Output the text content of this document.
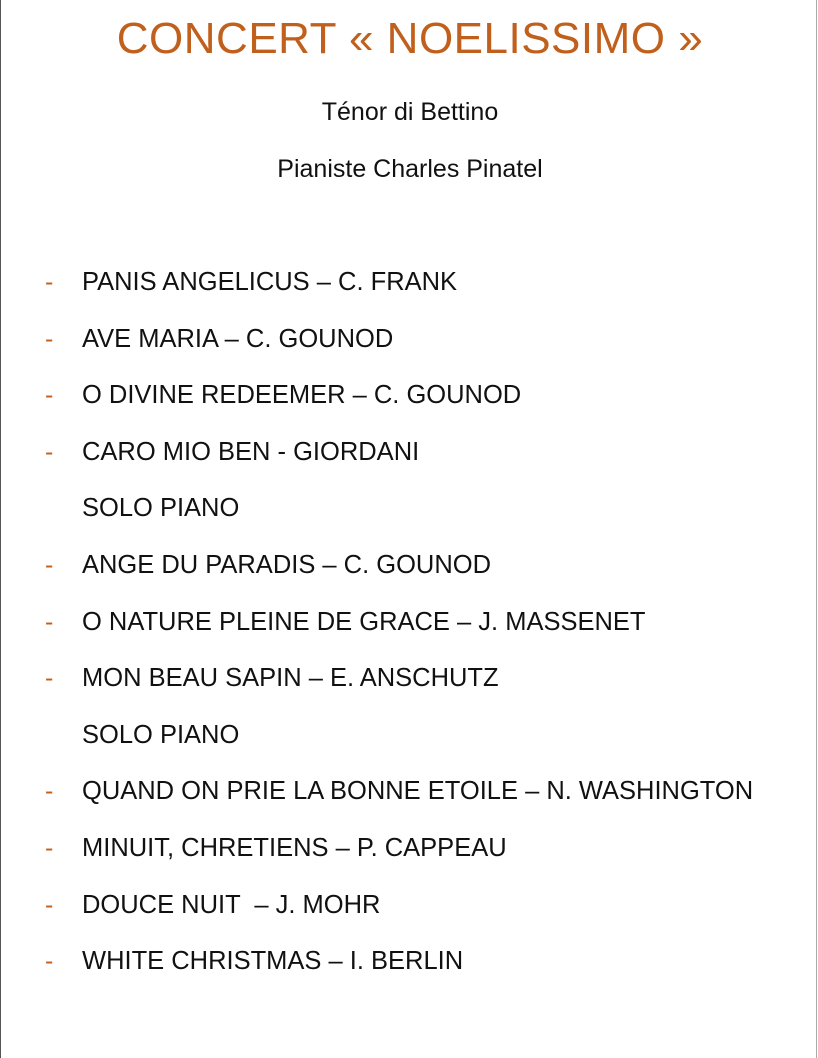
CONCERT « NOELISSIMO »
Ténor di Bettino
Pianiste Charles Pinatel
- PANIS ANGELICUS – C. FRANK
- AVE MARIA – C. GOUNOD
- O DIVINE REDEEMER – C. GOUNOD
- CARO MIO BEN - GIORDANI
SOLO PIANO
- ANGE DU PARADIS – C. GOUNOD
- O NATURE PLEINE DE GRACE – J. MASSENET
- MON BEAU SAPIN – E. ANSCHUTZ
SOLO PIANO
- QUAND ON PRIE LA BONNE ETOILE – N. WASHINGTON
- MINUIT, CHRETIENS – P. CAPPEAU
- DOUCE NUIT  – J. MOHR
- WHITE CHRISTMAS – I. BERLIN
